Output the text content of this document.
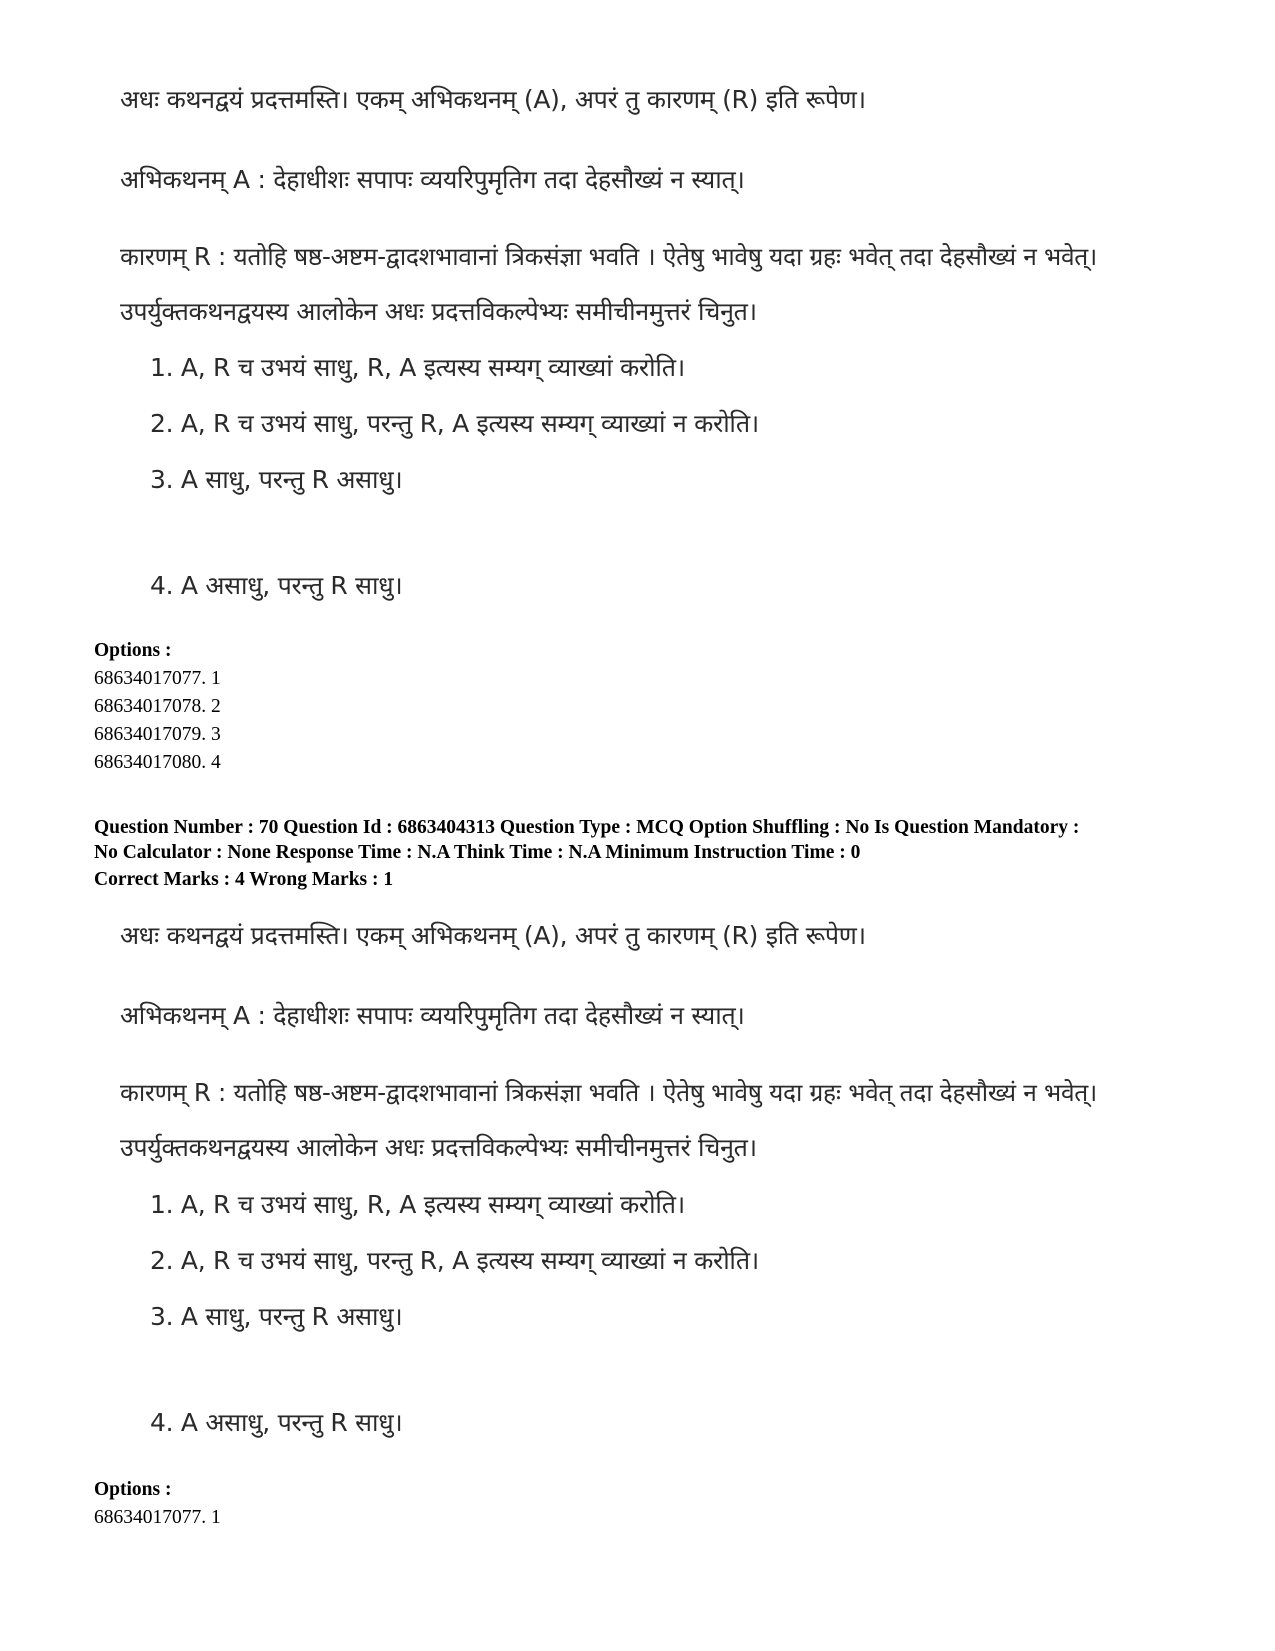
अधः कथनद्वयं प्रदत्तमस्ति। एकम् अभिकथनम् (A), अपरं तु कारणम् (R) इति रूपेण।
अभिकथनम् A : देहाधीशः सपापः व्ययरिपुमृतिग तदा देहसौख्यं न स्यात्।
कारणम् R : यतोहि षष्ठ-अष्टम-द्वादशभावानां त्रिकसंज्ञा भवति । ऐतेषु भावेषु यदा ग्रहः भवेत् तदा देहसौख्यं न भवेत्।
उपर्युक्तकथनद्वयस्य आलोकेन अधः प्रदत्तविकल्पेभ्यः समीचीनमुत्तरं चिनुत।
1. A, R च उभयं साधु, R, A इत्यस्य सम्यग् व्याख्यां करोति।
2. A, R च उभयं साधु, परन्तु R, A इत्यस्य सम्यग् व्याख्यां न करोति।
3. A साधु, परन्तु R असाधु।
4. A असाधु, परन्तु R साधु।
Options :
68634017077. 1
68634017078. 2
68634017079. 3
68634017080. 4
Question Number : 70 Question Id : 6863404313 Question Type : MCQ Option Shuffling : No Is Question Mandatory :
No Calculator : None Response Time : N.A Think Time : N.A Minimum Instruction Time : 0
Correct Marks : 4 Wrong Marks : 1
अधः कथनद्वयं प्रदत्तमस्ति। एकम् अभिकथनम् (A), अपरं तु कारणम् (R) इति रूपेण।
अभिकथनम् A : देहाधीशः सपापः व्ययरिपुमृतिग तदा देहसौख्यं न स्यात्।
कारणम् R : यतोहि षष्ठ-अष्टम-द्वादशभावानां त्रिकसंज्ञा भवति । ऐतेषु भावेषु यदा ग्रहः भवेत् तदा देहसौख्यं न भवेत्।
उपर्युक्तकथनद्वयस्य आलोकेन अधः प्रदत्तविकल्पेभ्यः समीचीनमुत्तरं चिनुत।
1. A, R च उभयं साधु, R, A इत्यस्य सम्यग् व्याख्यां करोति।
2. A, R च उभयं साधु, परन्तु R, A इत्यस्य सम्यग् व्याख्यां न करोति।
3. A साधु, परन्तु R असाधु।
4. A असाधु, परन्तु R साधु।
Options :
68634017077. 1
